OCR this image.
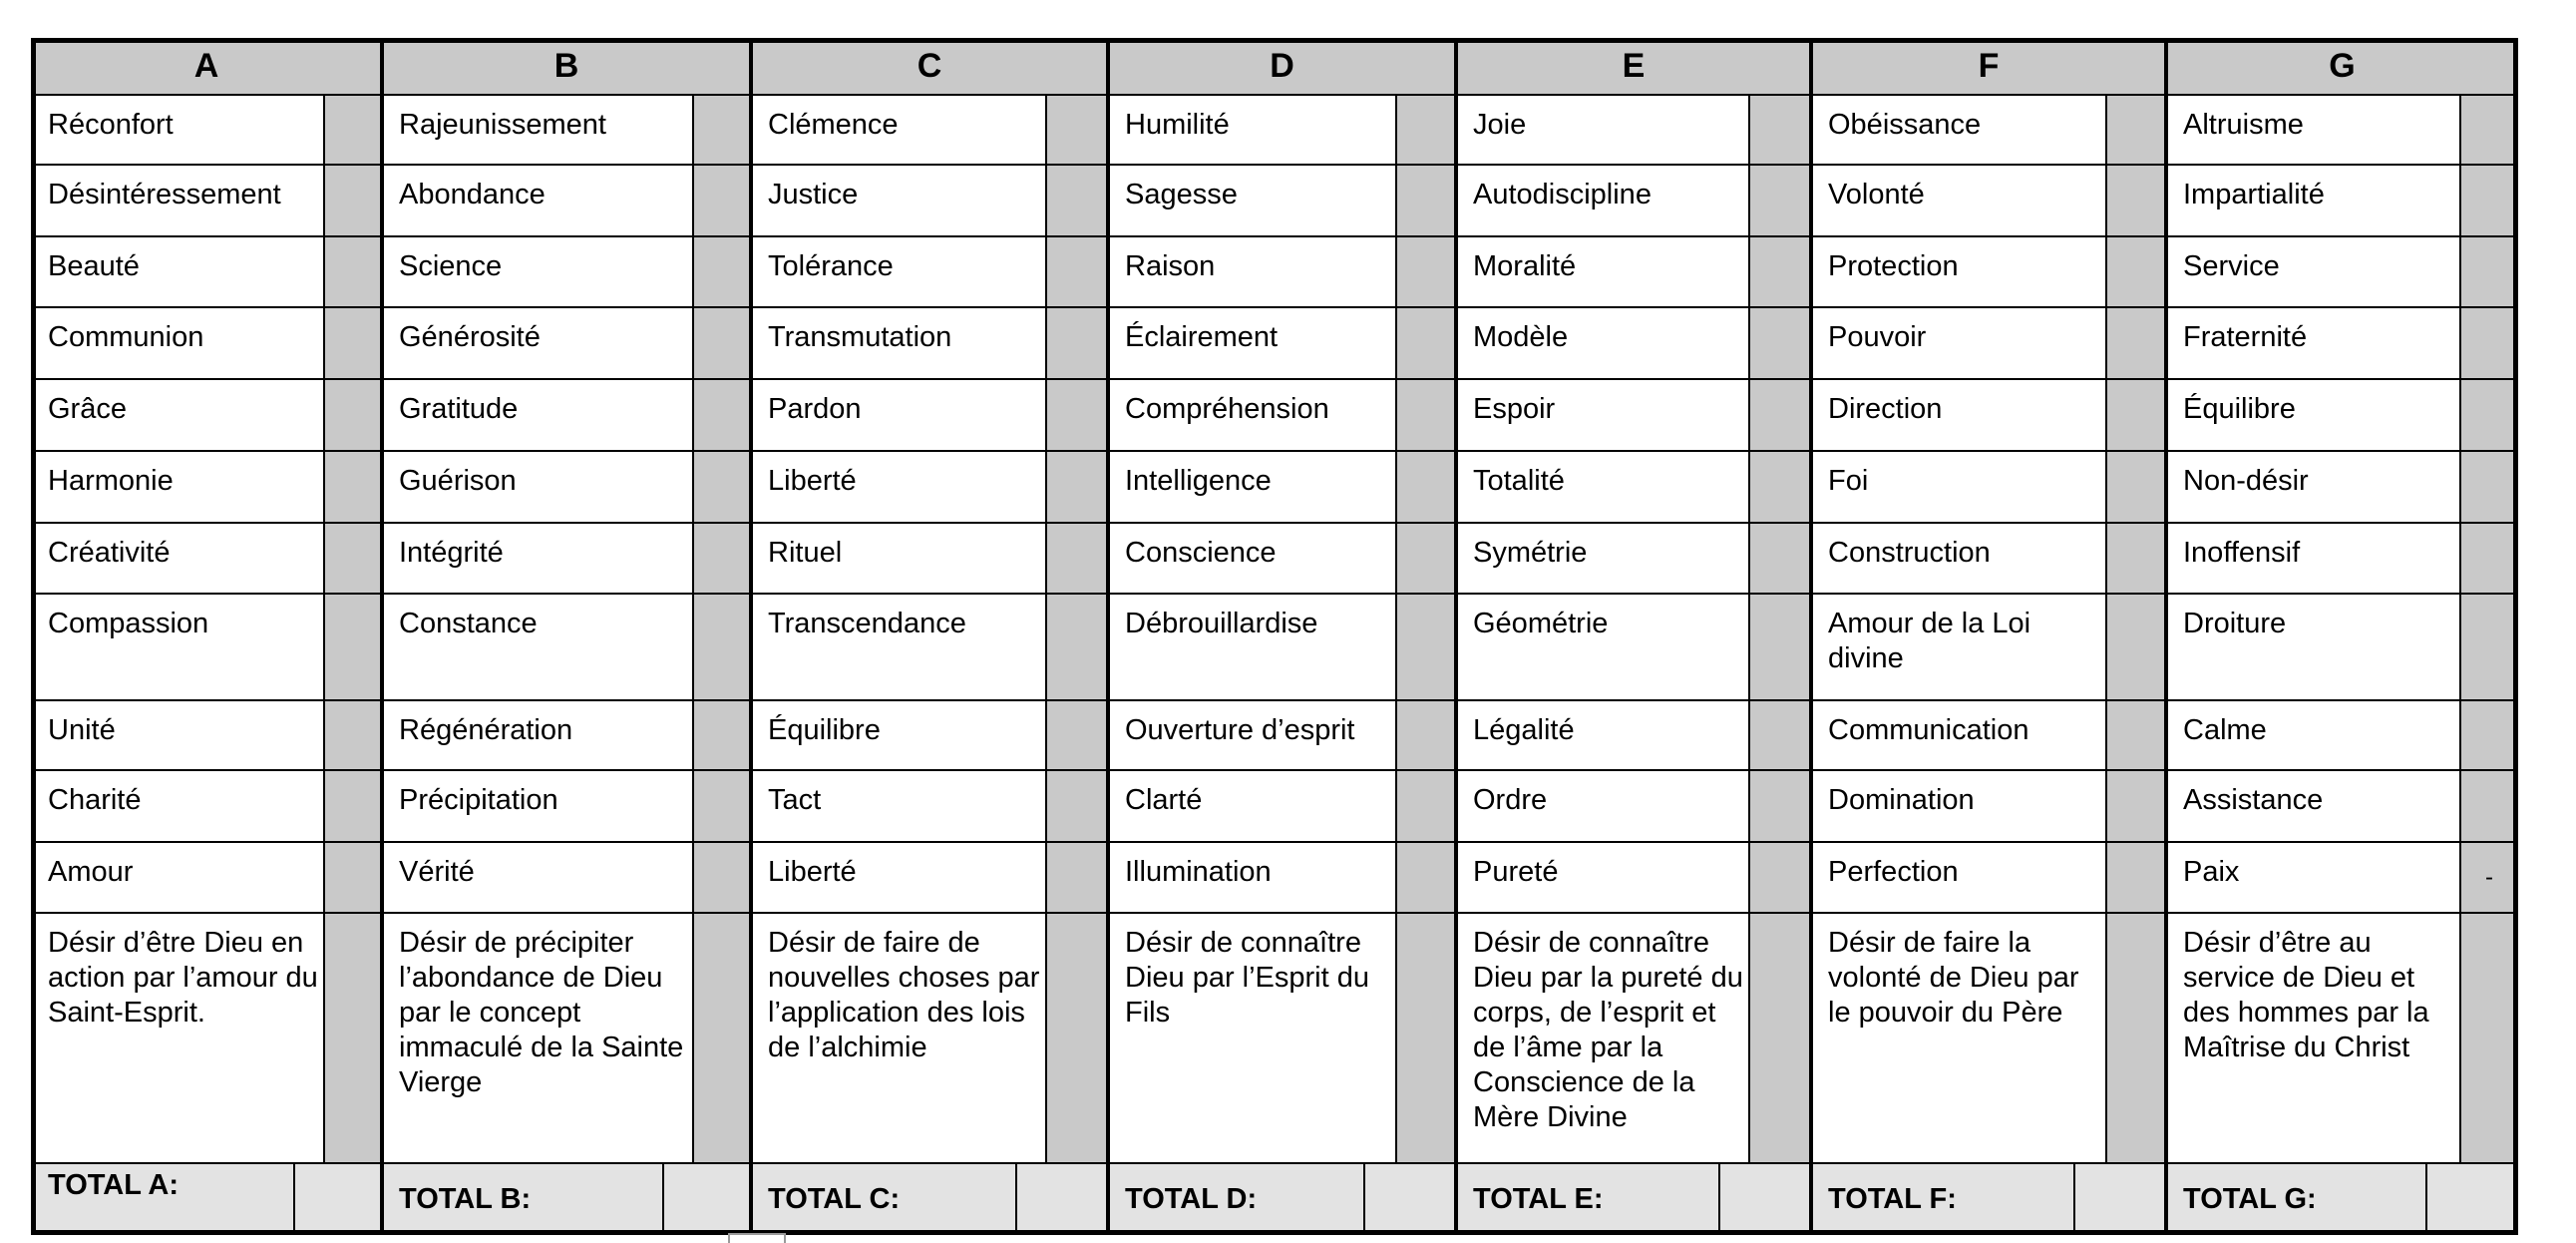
A
Réconfort
Désintéressement
Beauté
Communion
Grâce
Harmonie
Créativité
Compassion
Unité
Charité
Amour
Désir d’être Dieu en action par l’amour du Saint-Esprit.
TOTAL A:
B
Rajeunissement
Abondance
Science
Générosité
Gratitude
Guérison
Intégrité
Constance
Régénération
Précipitation
Vérité
Désir de précipiter l’abondance de Dieu par le concept immaculé de la Sainte Vierge
TOTAL B:
C
Clémence
Justice
Tolérance
Transmutation
Pardon
Liberté
Rituel
Transcendance
Équilibre
Tact
Liberté
Désir de faire de nouvelles choses par l’application des lois de l’alchimie
TOTAL C:
D
Humilité
Sagesse
Raison
Éclairement
Compréhension
Intelligence
Conscience
Débrouillardise
Ouverture d’esprit
Clarté
Illumination
Désir de connaître Dieu par l’Esprit du Fils
TOTAL D:
E
Joie
Autodiscipline
Moralité
Modèle
Espoir
Totalité
Symétrie
Géométrie
Légalité
Ordre
Pureté
Désir de connaître Dieu par la pureté du corps, de l’esprit et de l’âme par la Conscience de la Mère Divine
TOTAL E:
F
Obéissance
Volonté
Protection
Pouvoir
Direction
Foi
Construction
Amour de la Loi divine
Communication
Domination
Perfection
Désir de faire la volonté de Dieu par le pouvoir du Père
TOTAL F:
G
Altruisme
Impartialité
Service
Fraternité
Équilibre
Non-désir
Inoffensif
Droiture
Calme
Assistance
Paix	-
Désir d’être au service de Dieu et des hommes par la Maîtrise du Christ
TOTAL G:
